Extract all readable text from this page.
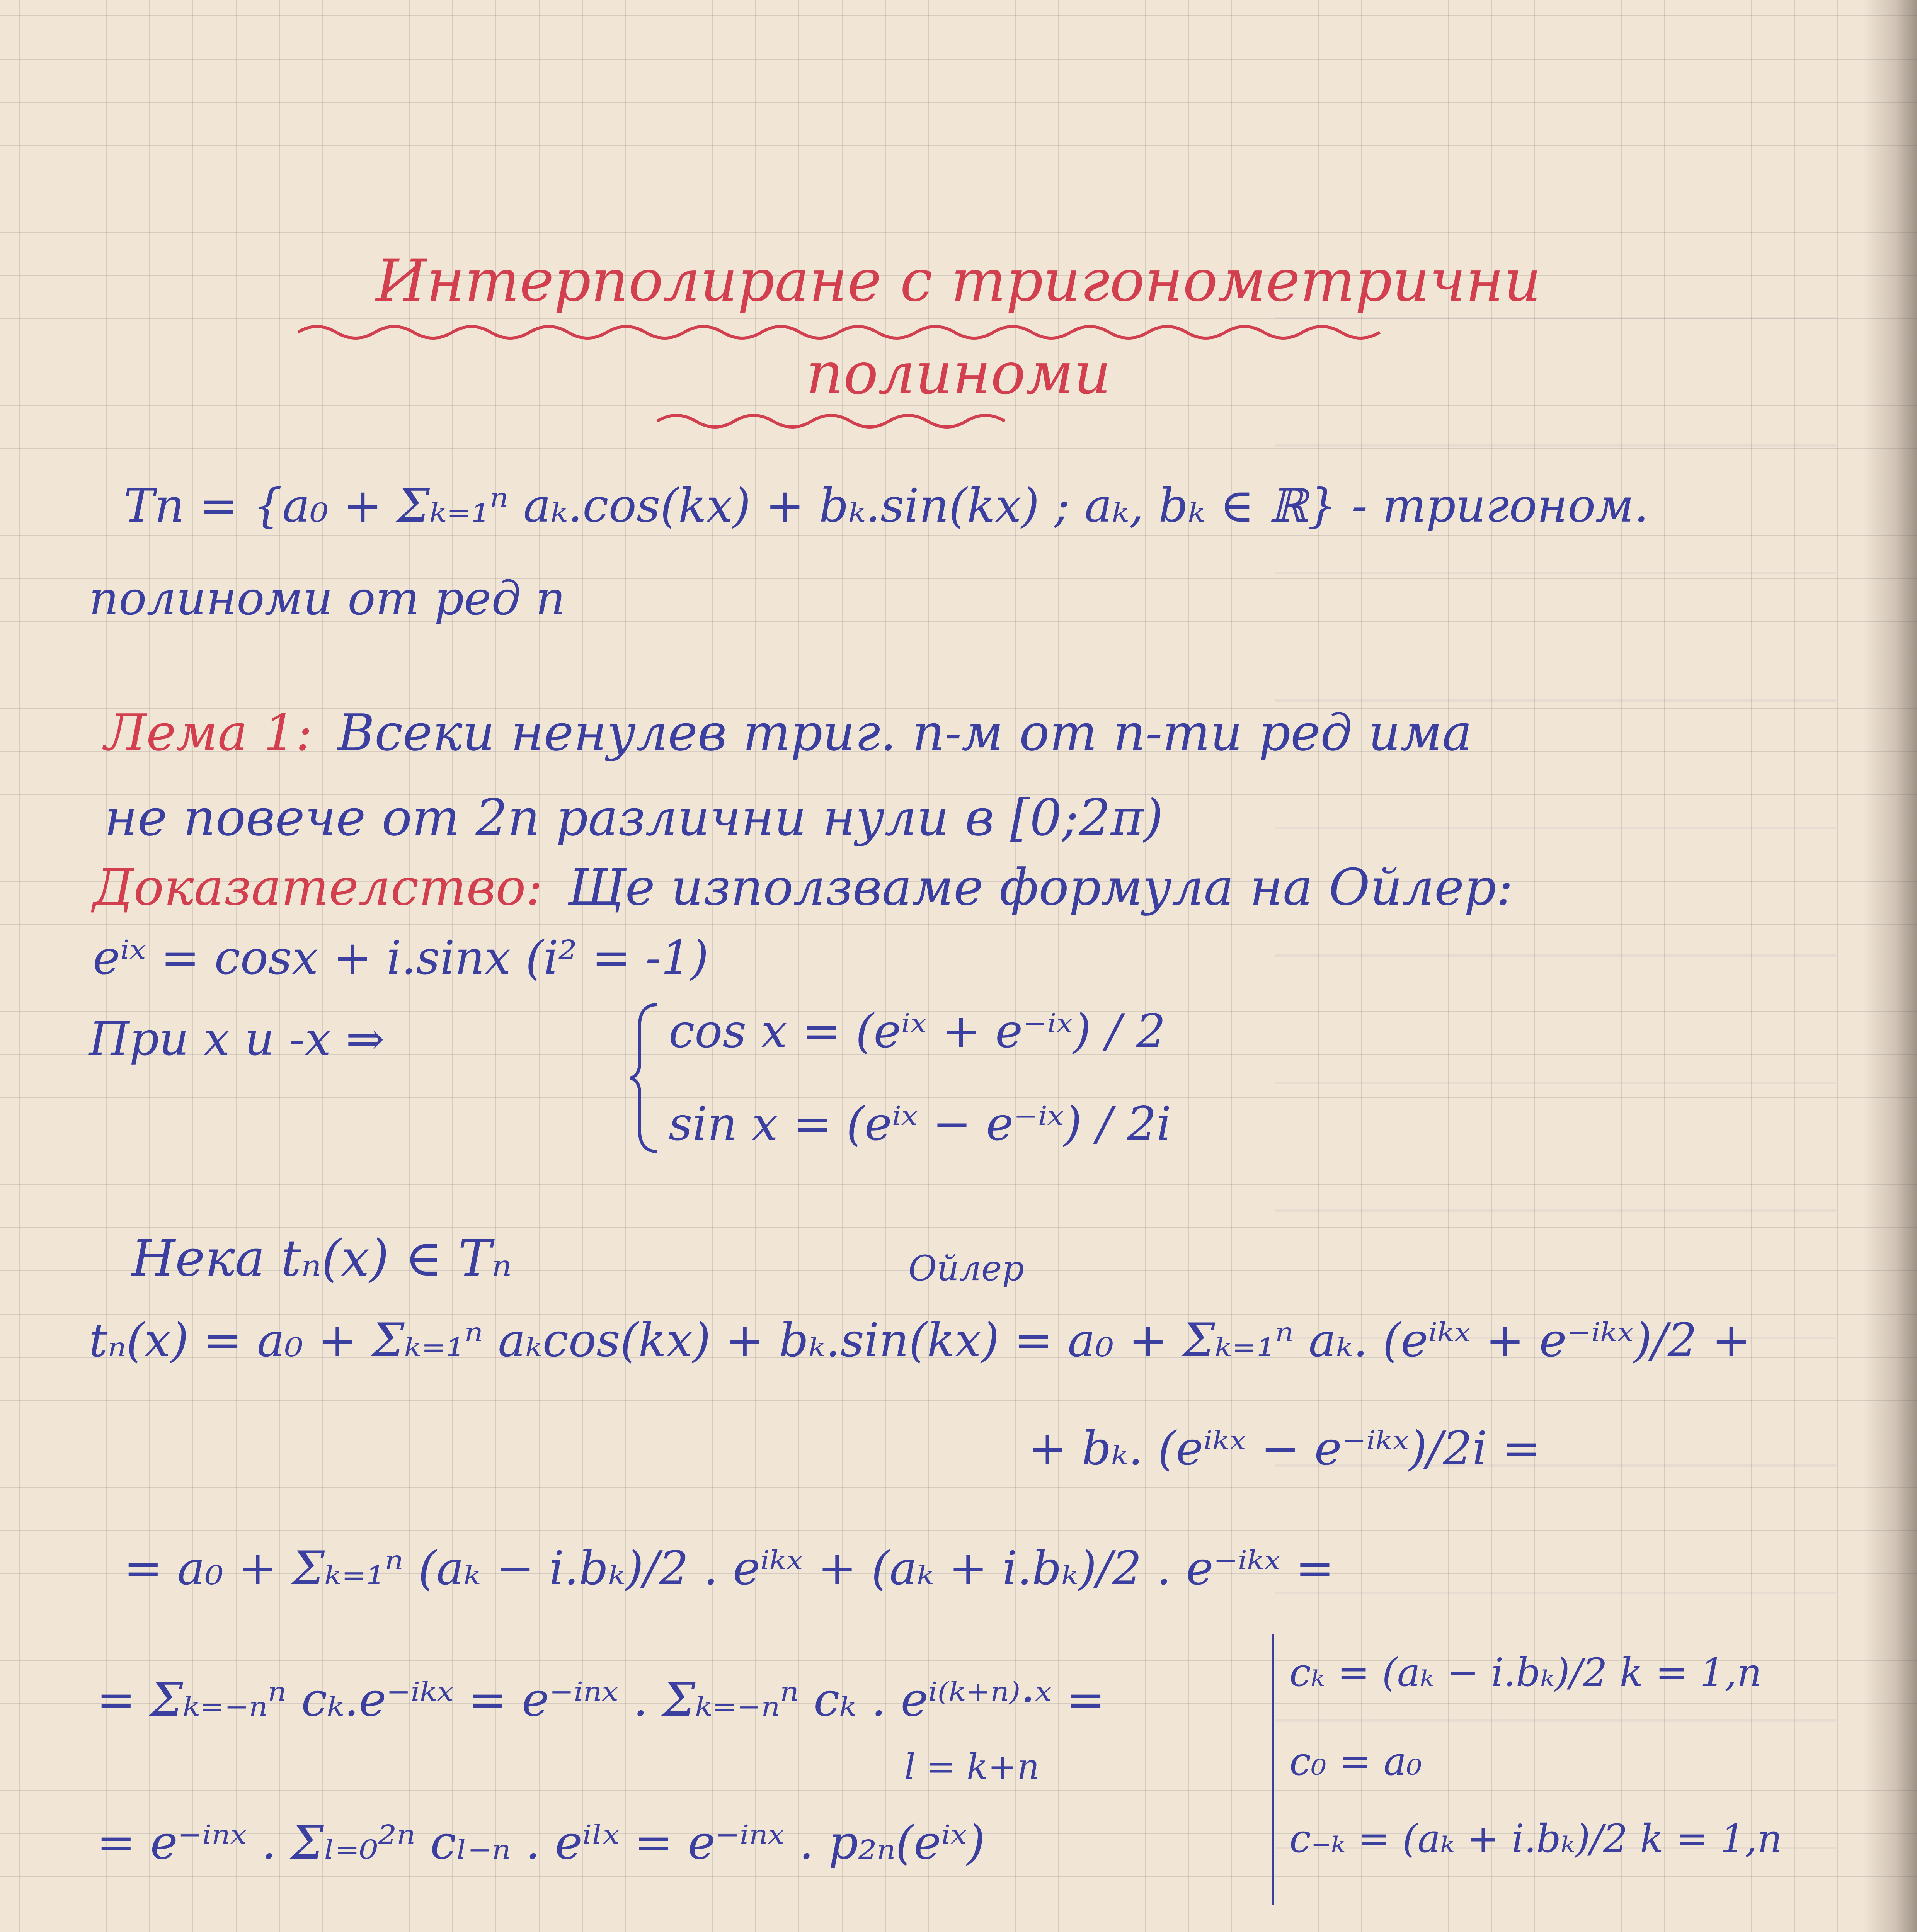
Интерполиране с тригонометрични
полиноми
Tn = {a₀ + Σₖ₌₁ⁿ aₖ.cos(kx) + bₖ.sin(kx) ; aₖ, bₖ ∈ ℝ} - тригоном.
полиноми от ред n
Лема 1: Всеки ненулев триг. п-м от n-ти ред има
не повече от 2n различни нули в [0;2π)
Доказателство: Ще използваме формула на Ойлер:
eⁱˣ = cosx + i.sinx (i² = -1)
При x и -x ⇒	cos x = (eⁱˣ + e⁻ⁱˣ) / 2
sin x = (eⁱˣ − e⁻ⁱˣ) / 2i
Нека tₙ(x) ∈ Tₙ	Ойлер
tₙ(x) = a₀ + Σₖ₌₁ⁿ aₖcos(kx) + bₖ.sin(kx) = a₀ + Σₖ₌₁ⁿ aₖ. (eⁱᵏˣ + e⁻ⁱᵏˣ)/2 +
+ bₖ. (eⁱᵏˣ − e⁻ⁱᵏˣ)/2i =
= a₀ + Σₖ₌₁ⁿ (aₖ − i.bₖ)/2 . eⁱᵏˣ + (aₖ + i.bₖ)/2 . e⁻ⁱᵏˣ =
= Σₖ₌₋ₙⁿ cₖ.e⁻ⁱᵏˣ = e⁻ⁱⁿˣ . Σₖ₌₋ₙⁿ cₖ . eⁱ⁽ᵏ⁺ⁿ⁾·ˣ =
l = k+n
= e⁻ⁱⁿˣ . Σₗ₌₀²ⁿ cₗ₋ₙ . eⁱˡˣ = e⁻ⁱⁿˣ . p₂ₙ(eⁱˣ)
cₖ = (aₖ − i.bₖ)/2 k = 1,n
c₀ = a₀
c₋ₖ = (aₖ + i.bₖ)/2 k = 1,n
